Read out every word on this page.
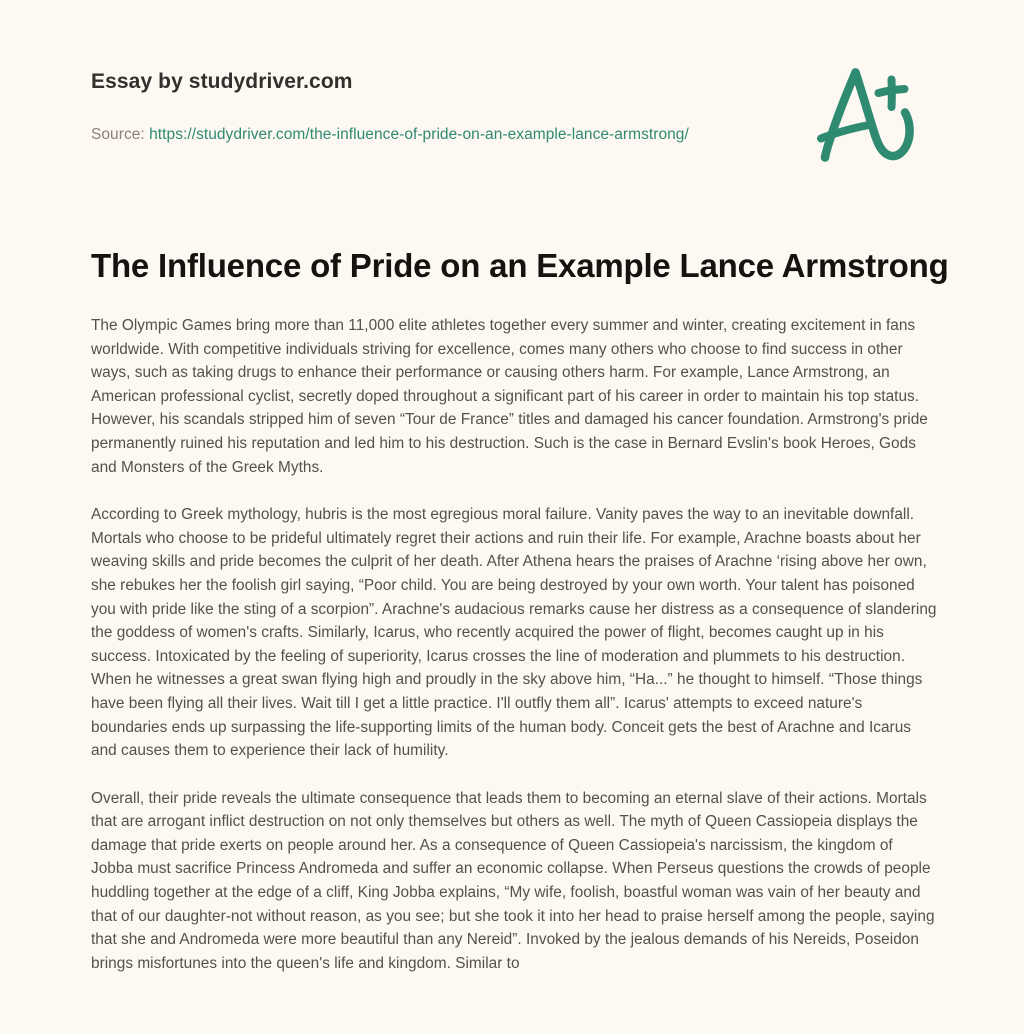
Essay by studydriver.com
Source: https://studydriver.com/the-influence-of-pride-on-an-example-lance-armstrong/
The Influence of Pride on an Example Lance Armstrong

The Olympic Games bring more than 11,000 elite athletes together every summer and winter, creating excitement in fans worldwide. With competitive individuals striving for excellence, comes many others who choose to find success in other ways, such as taking drugs to enhance their performance or causing others harm. For example, Lance Armstrong, an American professional cyclist, secretly doped throughout a significant part of his career in order to maintain his top status. However, his scandals stripped him of seven “Tour de France” titles and damaged his cancer foundation. Armstrong's pride permanently ruined his reputation and led him to his destruction. Such is the case in Bernard Evslin's book Heroes, Gods and Monsters of the Greek Myths.

According to Greek mythology, hubris is the most egregious moral failure. Vanity paves the way to an inevitable downfall. Mortals who choose to be prideful ultimately regret their actions and ruin their life. For example, Arachne boasts about her weaving skills and pride becomes the culprit of her death. After Athena hears the praises of Arachne ‘rising above her own, she rebukes her the foolish girl saying, “Poor child. You are being destroyed by your own worth. Your talent has poisoned you with pride like the sting of a scorpion”. Arachne's audacious remarks cause her distress as a consequence of slandering the goddess of women's crafts. Similarly, Icarus, who recently acquired the power of flight, becomes caught up in his success. Intoxicated by the feeling of superiority, Icarus crosses the line of moderation and plummets to his destruction. When he witnesses a great swan flying high and proudly in the sky above him, “Ha...” he thought to himself. “Those things have been flying all their lives. Wait till I get a little practice. I'll outfly them all”. Icarus' attempts to exceed nature's boundaries ends up surpassing the life-supporting limits of the human body. Conceit gets the best of Arachne and Icarus and causes them to experience their lack of humility.

Overall, their pride reveals the ultimate consequence that leads them to becoming an eternal slave of their actions. Mortals that are arrogant inflict destruction on not only themselves but others as well. The myth of Queen Cassiopeia displays the damage that pride exerts on people around her. As a consequence of Queen Cassiopeia's narcissism, the kingdom of Jobba must sacrifice Princess Andromeda and suffer an economic collapse. When Perseus questions the crowds of people huddling together at the edge of a cliff, King Jobba explains, “My wife, foolish, boastful woman was vain of her beauty and that of our daughter-not without reason, as you see; but she took it into her head to praise herself among the people, saying that she and Andromeda were more beautiful than any Nereid”. Invoked by the jealous demands of his Nereids, Poseidon brings misfortunes into the queen's life and kingdom. Similar to
